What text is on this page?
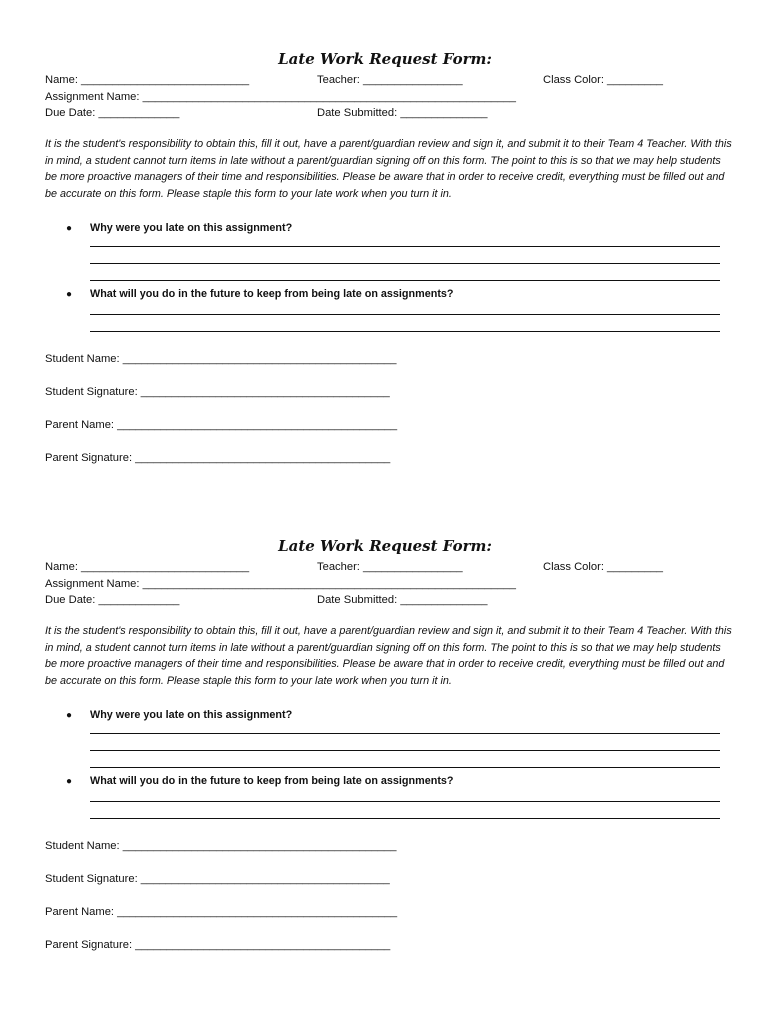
Late Work Request Form:
Name: ___________________________	Teacher: ________________	Class Color: _________
Assignment Name: ____________________________________________________________
Due Date: _____________	Date Submitted: ______________

It is the student's responsibility to obtain this, fill it out, have a parent/guardian review and sign it, and submit it to their Team 4 Teacher. With this in mind, a student cannot turn items in late without a parent/guardian signing off on this form. The point to this is so that we may help students be more proactive managers of their time and responsibilities. Please be aware that in order to receive credit, everything must be filled out and be accurate on this form. Please staple this form to your late work when you turn it in.

● Why were you late on this assignment?
● What will you do in the future to keep from being late on assignments?
Student Name: ____________________________________________
Student Signature: ________________________________________
Parent Name: _____________________________________________
Parent Signature: _________________________________________
Late Work Request Form:
Name: ___________________________	Teacher: ________________	Class Color: _________
Assignment Name: ____________________________________________________________
Due Date: _____________	Date Submitted: ______________

It is the student's responsibility to obtain this, fill it out, have a parent/guardian review and sign it, and submit it to their Team 4 Teacher. With this in mind, a student cannot turn items in late without a parent/guardian signing off on this form. The point to this is so that we may help students be more proactive managers of their time and responsibilities. Please be aware that in order to receive credit, everything must be filled out and be accurate on this form. Please staple this form to your late work when you turn it in.

● Why were you late on this assignment?
● What will you do in the future to keep from being late on assignments?
Student Name: ____________________________________________
Student Signature: ________________________________________
Parent Name: _____________________________________________
Parent Signature: _________________________________________
